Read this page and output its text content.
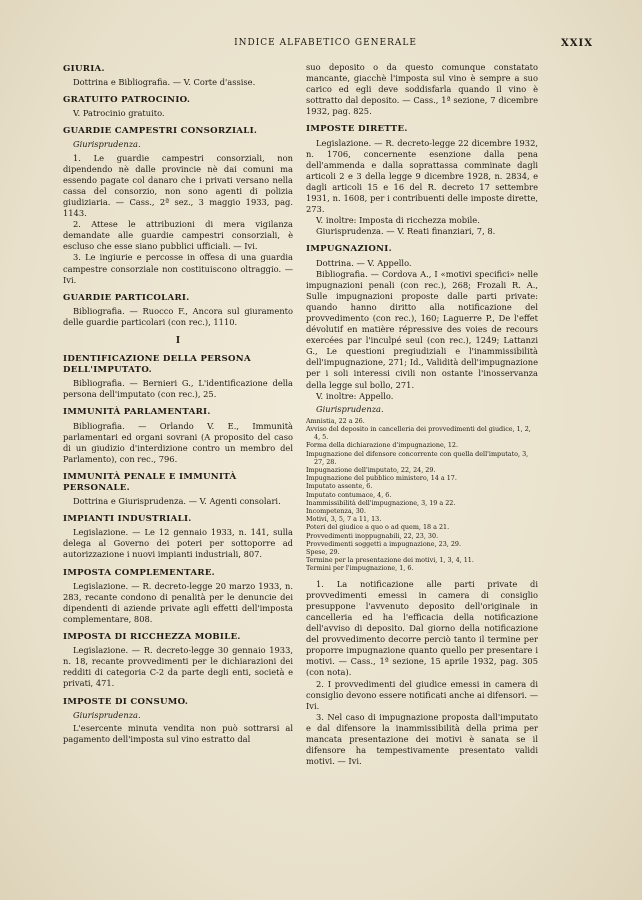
INDICE ALFABETICO GENERALE	XXIX
GIURIA.

Dottrina e Bibliografia. — V. Corte d'assise.

GRATUITO PATROCINIO.

V. Patrocinio gratuito.

GUARDIE CAMPESTRI CONSORZIALI.
Giurisprudenza.

1. Le guardie campestri consorziali, non dipendendo nè dalle provincie nè dai comuni ma essendo pagate col danaro che i privati versano nella cassa del consorzio, non sono agenti di polizia giudiziaria. — Cass., 2ª sez., 3 maggio 1933, pag. 1143.

2. Attese le attribuzioni di mera vigilanza demandate alle guardie campestri consorziali, è escluso che esse siano pubblici ufficiali. — Ivi.

3. Le ingiurie e percosse in offesa di una guardia campestre consorziale non costituiscono oltraggio. — Ivi.

GUARDIE PARTICOLARI.

Bibliografia. — Ruocco F., Ancora sul giuramento delle guardie particolari (con rec.), 1110.

I
IDENTIFICAZIONE DELLA PERSONA DELL'IMPUTATO.

Bibliografia. — Bernieri G., L'identificazione della persona dell'imputato (con rec.), 25.

IMMUNITÀ PARLAMENTARI.

Bibliografia. — Orlando V. E., Immunità parlamentari ed organi sovrani (A proposito del caso di un giudizio d'interdizione contro un membro del Parlamento), con rec., 796.

IMMUNITÀ PENALE E IMMUNITÀ PERSONALE.

Dottrina e Giurisprudenza. — V. Agenti consolari.

IMPIANTI INDUSTRIALI.

Legislazione. — Le 12 gennaio 1933, n. 141, sulla delega al Governo dei poteri per sottoporre ad autorizzazione i nuovi impianti industriali, 807.

IMPOSTA COMPLEMENTARE.

Legislazione. — R. decreto-legge 20 marzo 1933, n. 283, recante condono di penalità per le denuncie dei dipendenti di aziende private agli effetti dell'imposta complementare, 808.

IMPOSTA DI RICCHEZZA MOBILE.

Legislazione. — R. decreto-legge 30 gennaio 1933, n. 18, recante provvedimenti per le dichiarazioni dei redditi di categoria C-2 da parte degli enti, società e privati, 471.

IMPOSTE DI CONSUMO.
Giurisprudenza.

L'esercente minuta vendita non può sottrarsi al pagamento dell'imposta sul vino estratto dal

suo deposito o da questo comunque constatato mancante, giacchè l'imposta sul vino è sempre a suo carico ed egli deve soddisfarla quando il vino è sottratto dal deposito. — Cass., 1ª sezione, 7 dicembre 1932, pag. 825.

IMPOSTE DIRETTE.

Legislazione. — R. decreto-legge 22 dicembre 1932, n. 1706, concernente esenzione dalla pena dell'ammenda e dalla soprattassa comminate dagli articoli 2 e 3 della legge 9 dicembre 1928, n. 2834, e dagli articoli 15 e 16 del R. decreto 17 settembre 1931, n. 1608, per i contribuenti delle imposte dirette, 273.

V. inoltre: Imposta di ricchezza mobile.

Giurisprudenza. — V. Reati finanziari, 7, 8.

IMPUGNAZIONI.

Dottrina. — V. Appello.

Bibliografia. — Cordova A., I «motivi specifici» nelle impugnazioni penali (con rec.), 268; Frozali R. A., Sulle impugnazioni proposte dalle parti private: quando hanno diritto alla notificazione del provvedimento (con rec.), 160; Laguerre P., De l'effet dévolutif en matière répressive des voies de recours exercées par l'inculpé seul (con rec.), 1249; Lattanzi G., Le questioni pregiudiziali e l'inammissibilità dell'impugnazione, 271; Id., Validità dell'impugnazione per i soli interessi civili non ostante l'inosservanza della legge sul bollo, 271.

V. inoltre: Appello.

Giurisprudenza.
Amnistia, 22 a 26.
Avviso del deposito in cancelleria dei provvedimenti del giudice, 1, 2, 4, 5.
Forma della dichiarazione d'impugnazione, 12.
Impugnazione del difensore concorrente con quella dell'imputato, 3, 27, 28.
Impugnazione dell'imputato, 22, 24, 29.
Impugnazione del pubblico ministero, 14 a 17.
Imputato assente, 6.
Imputato contumace, 4, 6.
Inammissibilità dell'impugnazione, 3, 19 a 22.
Incompetenza, 30.
Motivi, 3, 5, 7 a 11, 13.
Poteri del giudice a quo o ad quem, 18 a 21.
Provvedimenti inoppugnabili, 22, 23, 30.
Provvedimenti soggetti a impugnazione, 23, 29.
Spese, 29.
Termine per la presentazione dei motivi, 1, 3, 4, 11.
Termini per l'impugnazione, 1, 6.

1. La notificazione alle parti private di provvedimenti emessi in camera di consiglio presuppone l'avvenuto deposito dell'originale in cancelleria ed ha l'efficacia della notificazione dell'avviso di deposito. Dal giorno della notificazione del provvedimento decorre perciò tanto il termine per proporre impugnazione quanto quello per presentare i motivi. — Cass., 1ª sezione, 15 aprile 1932, pag. 305 (con nota).

2. I provvedimenti del giudice emessi in camera di consiglio devono essere notificati anche ai difensori. — Ivi.

3. Nel caso di impugnazione proposta dall'imputato e dal difensore la inammissibilità della prima per mancata presentazione dei motivi è sanata se il difensore ha tempestivamente presentato validi motivi. — Ivi.
